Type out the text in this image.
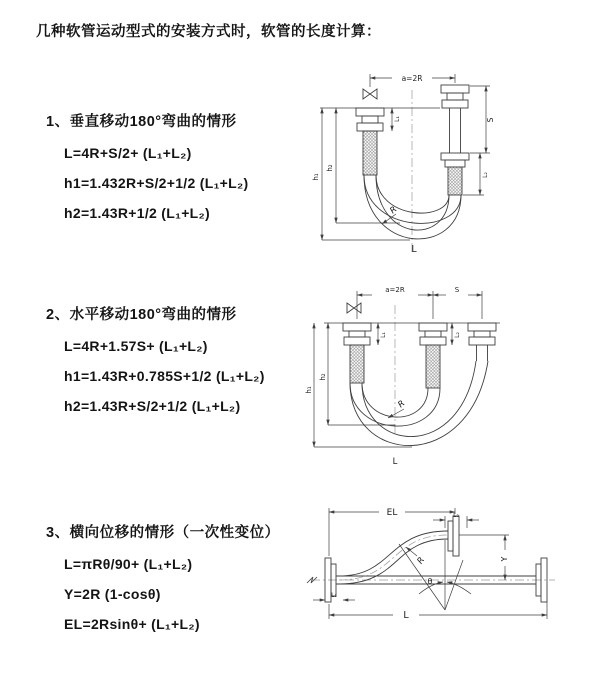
几种软管运动型式的安装方式时，软管的长度计算：
1、垂直移动180°弯曲的情形
L=4R+S/2+ (L₁+L₂)
h1=1.432R+S/2+1/2 (L₁+L₂)
h2=1.43R+1/2 (L₁+L₂)
2、水平移动180°弯曲的情形
L=4R+1.57S+ (L₁+L₂)
h1=1.43R+0.785S+1/2 (L₁+L₂)
h2=1.43R+S/2+1/2 (L₁+L₂)
3、横向位移的情形（一次性变位）
L=πRθ/90+ (L₁+L₂)
Y=2R (1-cosθ)
EL=2Rsinθ+ (L₁+L₂)
a=2R
h₁
h₂
L₁	S
L₂
R
L
a=2R	S
h₁
h₂
L₁	L₂
R
L
EL	L₂
Y
R
θ
L₁
L
